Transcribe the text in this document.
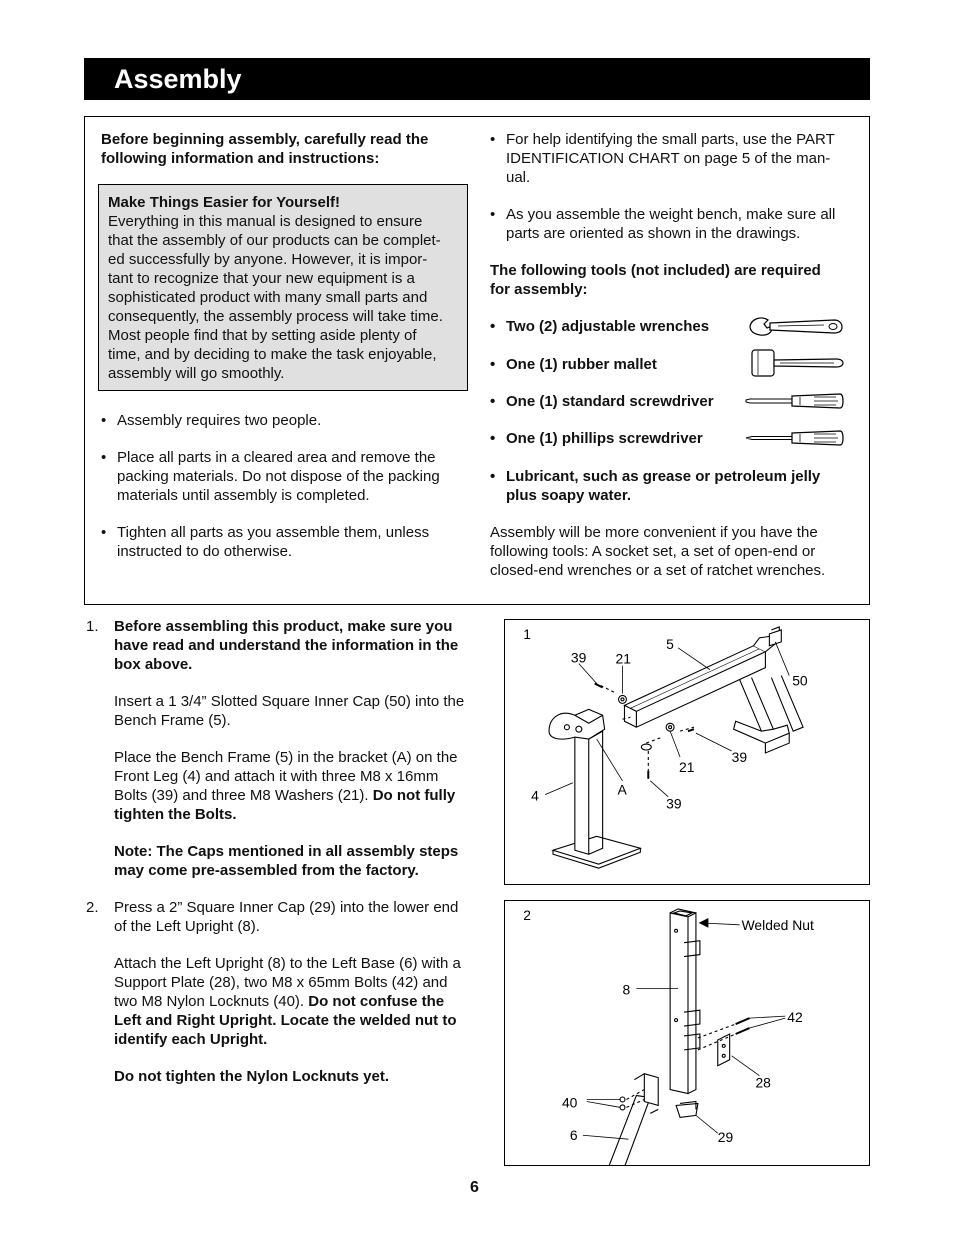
Assembly
Before beginning assembly, carefully read the
following information and instructions:
Make Things Easier for Yourself!
Everything in this manual is designed to ensure
that the assembly of our products can be complet-
ed successfully by anyone. However, it is impor-
tant to recognize that your new equipment is a
sophisticated product with many small parts and
consequently, the assembly process will take time.
Most people find that by setting aside plenty of
time, and by deciding to make the task enjoyable,
assembly will go smoothly.
• Assembly requires two people.
• Place all parts in a cleared area and remove the
packing materials. Do not dispose of the packing
materials until assembly is completed.
• Tighten all parts as you assemble them, unless
instructed to do otherwise.
• For help identifying the small parts, use the PART
IDENTIFICATION CHART on page 5 of the man-
ual.
• As you assemble the weight bench, make sure all
parts are oriented as shown in the drawings.
The following tools (not included) are required
for assembly:
• Two (2) adjustable wrenches
• One (1) rubber mallet
• One (1) standard screwdriver
• One (1) phillips screwdriver
• Lubricant, such as grease or petroleum jelly
plus soapy water.
Assembly will be more convenient if you have the
following tools: A socket set, a set of open-end or
closed-end wrenches or a set of ratchet wrenches.
1. Before assembling this product, make sure you
have read and understand the information in the
box above.
Insert a 1 3/4” Slotted Square Inner Cap (50) into the
Bench Frame (5).
Place the Bench Frame (5) in the bracket (A) on the
Front Leg (4) and attach it with three M8 x 16mm
Bolts (39) and three M8 Washers (21). Do not fully
tighten the Bolts.
Note: The Caps mentioned in all assembly steps
may come pre-assembled from the factory.
2. Press a 2” Square Inner Cap (29) into the lower end
of the Left Upright (8).
Attach the Left Upright (8) to the Left Base (6) with a
Support Plate (28), two M8 x 65mm Bolts (42) and
two M8 Nylon Locknuts (40). Do not confuse the
Left and Right Upright. Locate the welded nut to
identify each Upright.
Do not tighten the Nylon Locknuts yet.
1
39 21
5
50
21
39
4	A
39
2
Welded Nut
8
42
28
40
6	29
6
